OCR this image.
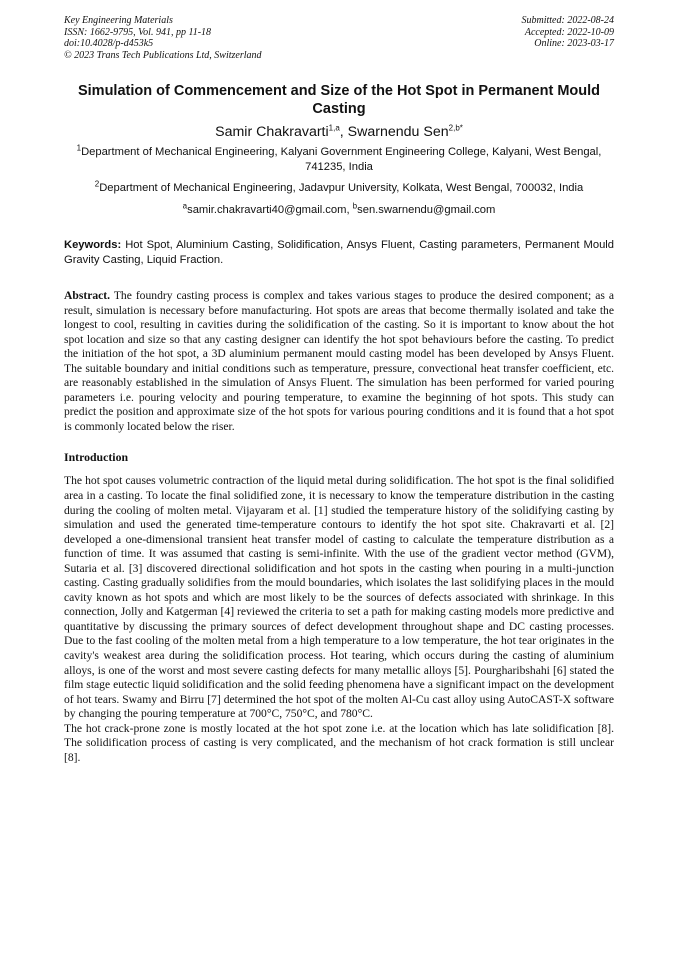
Key Engineering Materials
ISSN: 1662-9795, Vol. 941, pp 11-18
doi:10.4028/p-d453k5
© 2023 Trans Tech Publications Ltd, Switzerland
Submitted: 2022-08-24
Accepted: 2022-10-09
Online: 2023-03-17
Simulation of Commencement and Size of the Hot Spot in Permanent Mould Casting
Samir Chakravarti$^{1,a}$, Swarnendu Sen$^{2,b*}$
$^1$Department of Mechanical Engineering, Kalyani Government Engineering College, Kalyani, West Bengal, 741235, India
$^2$Department of Mechanical Engineering, Jadavpur University, Kolkata, West Bengal, 700032, India
$^a$samir.chakravarti40@gmail.com, $^b$sen.swarnendu@gmail.com
Keywords: Hot Spot, Aluminium Casting, Solidification, Ansys Fluent, Casting parameters, Permanent Mould Gravity Casting, Liquid Fraction.
Abstract. The foundry casting process is complex and takes various stages to produce the desired component; as a result, simulation is necessary before manufacturing. Hot spots are areas that become thermally isolated and take the longest to cool, resulting in cavities during the solidification of the casting. So it is important to know about the hot spot location and size so that any casting designer can identify the hot spot behaviours before the casting. To predict the initiation of the hot spot, a 3D aluminium permanent mould casting model has been developed by Ansys Fluent. The suitable boundary and initial conditions such as temperature, pressure, convectional heat transfer coefficient, etc. are reasonably established in the simulation of Ansys Fluent. The simulation has been performed for varied pouring parameters i.e. pouring velocity and pouring temperature, to examine the beginning of hot spots. This study can predict the position and approximate size of the hot spots for various pouring conditions and it is found that a hot spot is commonly located below the riser.
Introduction
The hot spot causes volumetric contraction of the liquid metal during solidification. The hot spot is the final solidified area in a casting. To locate the final solidified zone, it is necessary to know the temperature distribution in the casting during the cooling of molten metal. Vijayaram et al. [1] studied the temperature history of the solidifying casting by simulation and used the generated time-temperature contours to identify the hot spot site. Chakravarti et al. [2] developed a one-dimensional transient heat transfer model of casting to calculate the temperature distribution as a function of time. It was assumed that casting is semi-infinite. With the use of the gradient vector method (GVM), Sutaria et al. [3] discovered directional solidification and hot spots in the casting when pouring in a multi-junction casting. Casting gradually solidifies from the mould boundaries, which isolates the last solidifying places in the mould cavity known as hot spots and which are most likely to be the sources of defects associated with shrinkage. In this connection, Jolly and Katgerman [4] reviewed the criteria to set a path for making casting models more predictive and quantitative by discussing the primary sources of defect development throughout shape and DC casting processes. Due to the fast cooling of the molten metal from a high temperature to a low temperature, the hot tear originates in the cavity's weakest area during the solidification process. Hot tearing, which occurs during the casting of aluminium alloys, is one of the worst and most severe casting defects for many metallic alloys [5]. Pourgharibshahi [6] stated the film stage eutectic liquid solidification and the solid feeding phenomena have a significant impact on the development of hot tears. Swamy and Birru [7] determined the hot spot of the molten Al-Cu cast alloy using AutoCAST-X software by changing the pouring temperature at 700°C, 750°C, and 780°C.
The hot crack-prone zone is mostly located at the hot spot zone i.e. at the location which has late solidification [8]. The solidification process of casting is very complicated, and the mechanism of hot crack formation is still unclear [8].
